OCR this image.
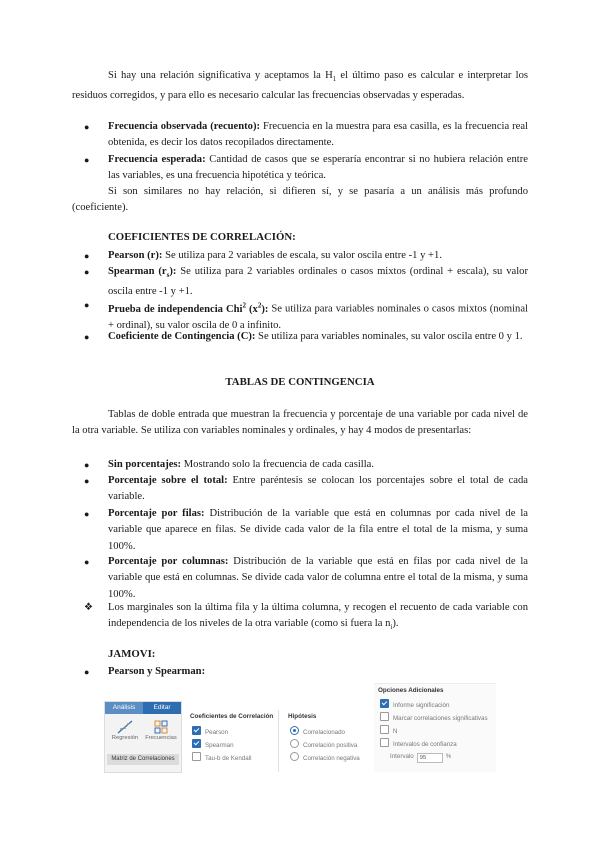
Si hay una relación significativa y aceptamos la $H_1$ el último paso es calcular e interpretar los residuos corregidos, y para ello es necesario calcular las frecuencias observadas y esperadas.

● Frecuencia observada (recuento): Frecuencia en la muestra para esa casilla, es la frecuencia real obtenida, es decir los datos recopilados directamente.
● Frecuencia esperada: Cantidad de casos que se esperaría encontrar si no hubiera relación entre las variables, es una frecuencia hipotética y teórica.

Si son similares no hay relación, si difieren sí, y se pasaría a un análisis más profundo (coeficiente).

COEFICIENTES DE CORRELACIÓN:

● Pearson (r): Se utiliza para 2 variables de escala, su valor oscila entre -1 y +1.
● Spearman $(r_s)$: Se utiliza para 2 variables ordinales o casos mixtos (ordinal + escala), su valor oscila entre -1 y +1.
● Prueba de independencia Chi$^2$ $(x^2)$: Se utiliza para variables nominales o casos mixtos (nominal + ordinal), su valor oscila de 0 a infinito.
● Coeficiente de Contingencia (C): Se utiliza para variables nominales, su valor oscila entre 0 y 1.

TABLAS DE CONTINGENCIA

Tablas de doble entrada que muestran la frecuencia y porcentaje de una variable por cada nivel de la otra variable. Se utiliza con variables nominales y ordinales, y hay 4 modos de presentarlas:

● Sin porcentajes: Mostrando solo la frecuencia de cada casilla.
● Porcentaje sobre el total: Entre paréntesis se colocan los porcentajes sobre el total de cada variable.
● Porcentaje por filas: Distribución de la variable que está en columnas por cada nivel de la variable que aparece en filas. Se divide cada valor de la fila entre el total de la misma, y suma 100%.
● Porcentaje por columnas: Distribución de la variable que está en filas por cada nivel de la variable que está en columnas. Se divide cada valor de columna entre el total de la misma, y suma 100%.
❖ Los marginales son la última fila y la última columna, y recogen el recuento de cada variable con independencia de los niveles de la otra variable (como si fuera la $n_i$).

JAMOVI:

● Pearson y Spearman:
Análisis	Editar
Regresión	Frecuencias
Matriz de Correlaciones
Coeficientes de Correlación
Pearson
Spearman
Tau-b de Kendall
Hipótesis
Correlacionado
Correlación positiva
Correlación negativa
Opciones Adicionales
Informe significación
Marcar correlaciones significativas
N
Intervalos de confianza
Intervalo 95	%
